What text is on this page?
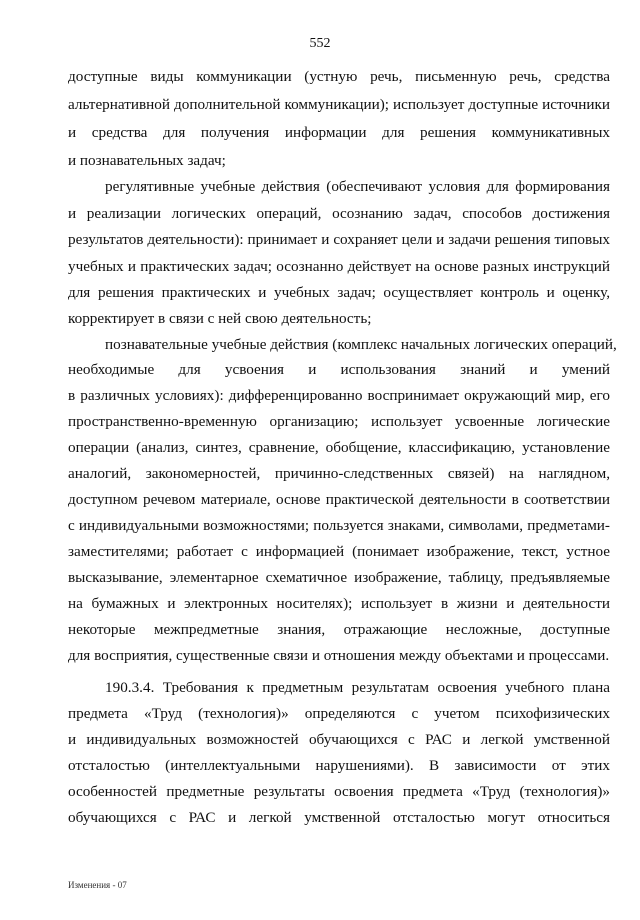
552
доступные виды коммуникации (устную речь, письменную речь, средства
альтернативной дополнительной коммуникации); использует доступные источники
и средства для получения информации для решения коммуникативных
и познавательных задач;
регулятивные учебные действия (обеспечивают условия для формирования
и реализации логических операций, осознанию задач, способов достижения
результатов деятельности): принимает и сохраняет цели и задачи решения типовых
учебных и практических задач; осознанно действует на основе разных инструкций
для решения практических и учебных задач; осуществляет контроль и оценку,
корректирует в связи с ней свою деятельность;
познавательные учебные действия (комплекс начальных логических операций,
необходимые для усвоения и использования знаний и умений
в различных условиях): дифференцированно воспринимает окружающий мир, его
пространственно-временную организацию; использует усвоенные логические
операции (анализ, синтез, сравнение, обобщение, классификацию, установление
аналогий, закономерностей, причинно-следственных связей) на наглядном,
доступном речевом материале, основе практической деятельности в соответствии
с индивидуальными возможностями; пользуется знаками, символами, предметами-
заместителями; работает с информацией (понимает изображение, текст, устное
высказывание, элементарное схематичное изображение, таблицу, предъявляемые
на бумажных и электронных носителях); использует в жизни и деятельности
некоторые межпредметные знания, отражающие несложные, доступные
для восприятия, существенные связи и отношения между объектами и процессами.
190.3.4. Требования к предметным результатам освоения учебного плана
предмета «Труд (технология)» определяются с учетом психофизических
и индивидуальных возможностей обучающихся с РАС и легкой умственной
отсталостью (интеллектуальными нарушениями). В зависимости от этих
особенностей предметные результаты освоения предмета «Труд (технология)»
обучающихся с РАС и легкой умственной отсталостью могут относиться
Изменения - 07
